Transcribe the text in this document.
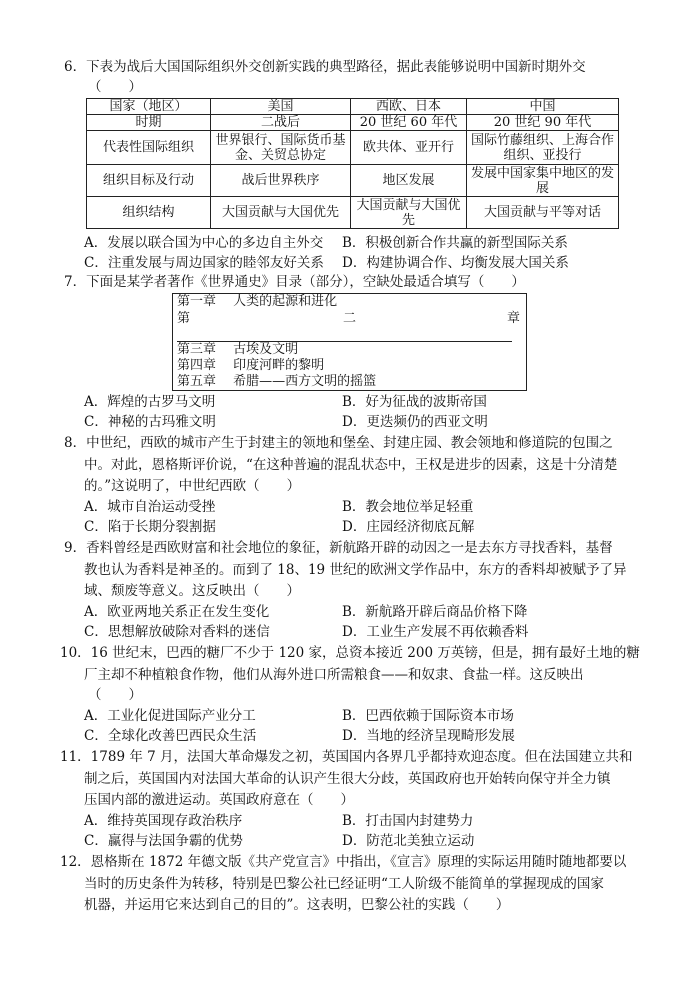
6．下表为战后大国国际组织外交创新实践的典型路径，据此表能够说明中国新时期外交
（　　）
国家（地区）	美国	西欧、日本	中国
时期	二战后	20 世纪 60 年代	20 世纪 90 年代
代表性国际组织	世界银行、国际货币基金、关贸总协定	欧共体、亚开行	国际竹藤组织、上海合作组织、亚投行
组织目标及行动	战后世界秩序	地区发展	发展中国家集中地区的发展
组织结构	大国贡献与大国优先	大国贡献与大国优先	大国贡献与平等对话
A．发展以联合国为中心的多边自主外交 B．积极创新合作共赢的新型国际关系
C．注重发展与周边国家的睦邻友好关系 D．构建协调合作、均衡发展大国关系
7．下面是某学者著作《世界通史》目录（部分），空缺处最适合填写（　　）
第一章　 人类的起源和进化
第	二	章
第三章　 古埃及文明
第四章　 印度河畔的黎明
第五章　 希腊——西方文明的摇篮
A．辉煌的古罗马文明	B．好为征战的波斯帝国
C．神秘的古玛雅文明	D．更迭频仍的西亚文明
8．中世纪，西欧的城市产生于封建主的领地和堡垒、封建庄园、教会领地和修道院的包围之
中。对此，恩格斯评价说，“在这种普遍的混乱状态中，王权是进步的因素，这是十分清楚
的。”这说明了，中世纪西欧（　　）
A．城市自治运动受挫	B．教会地位举足轻重
C．陷于长期分裂割据	D．庄园经济彻底瓦解
9．香料曾经是西欧财富和社会地位的象征，新航路开辟的动因之一是去东方寻找香料，基督
教也认为香料是神圣的。而到了 18、19 世纪的欧洲文学作品中，东方的香料却被赋予了异
域、颓废等意义。这反映出（　　）
A．欧亚两地关系正在发生变化	B．新航路开辟后商品价格下降
C．思想解放破除对香料的迷信	D．工业生产发展不再依赖香料
10．16 世纪末，巴西的糖厂不少于 120 家，总资本接近 200 万英镑，但是，拥有最好土地的糖
厂主却不种植粮食作物，他们从海外进口所需粮食——和奴隶、食盐一样。这反映出
（　　）
A．工业化促进国际产业分工	B．巴西依赖于国际资本市场
C．全球化改善巴西民众生活	D．当地的经济呈现畸形发展
11．1789 年 7 月，法国大革命爆发之初，英国国内各界几乎都持欢迎态度。但在法国建立共和
制之后，英国国内对法国大革命的认识产生很大分歧，英国政府也开始转向保守并全力镇
压国内部的激进运动。英国政府意在（　　）
A．维持英国现存政治秩序	B．打击国内封建势力
C．赢得与法国争霸的优势	D．防范北美独立运动
12．恩格斯在 1872 年德文版《共产党宣言》中指出，《宣言》原理的实际运用随时随地都要以
当时的历史条件为转移，特别是巴黎公社已经证明“工人阶级不能简单的掌握现成的国家
机器，并运用它来达到自己的目的”。这表明，巴黎公社的实践（　　）
